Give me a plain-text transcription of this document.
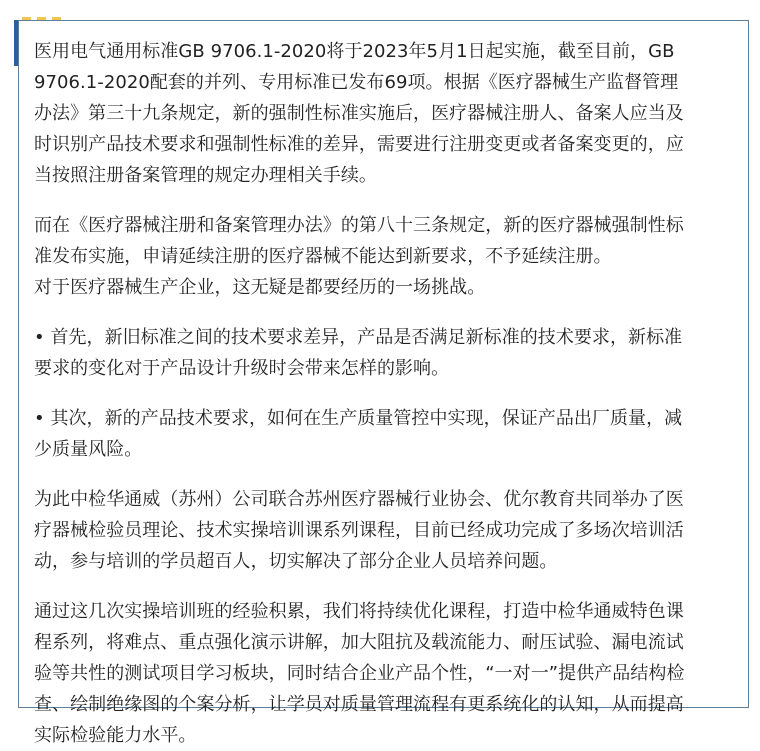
医用电气通用标准GB 9706.1-2020将于2023年5月1日起实施，截至目前，GB
9706.1-2020配套的并列、专用标准已发布69项。根据《医疗器械生产监督管理
办法》第三十九条规定，新的强制性标准实施后，医疗器械注册人、备案人应当及
时识别产品技术要求和强制性标准的差异，需要进行注册变更或者备案变更的，应
当按照注册备案管理的规定办理相关手续。

而在《医疗器械注册和备案管理办法》的第八十三条规定，新的医疗器械强制性标
准发布实施，申请延续注册的医疗器械不能达到新要求，不予延续注册。
对于医疗器械生产企业，这无疑是都要经历的一场挑战。

• 首先，新旧标准之间的技术要求差异，产品是否满足新标准的技术要求，新标准
要求的变化对于产品设计升级时会带来怎样的影响。

• 其次，新的产品技术要求，如何在生产质量管控中实现，保证产品出厂质量，减
少质量风险。

为此中检华通威（苏州）公司联合苏州医疗器械行业协会、优尔教育共同举办了医
疗器械检验员理论、技术实操培训课系列课程，目前已经成功完成了多场次培训活
动，参与培训的学员超百人，切实解决了部分企业人员培养问题。

通过这几次实操培训班的经验积累，我们将持续优化课程，打造中检华通威特色课
程系列，将难点、重点强化演示讲解，加大阻抗及载流能力、耐压试验、漏电流试
验等共性的测试项目学习板块，同时结合企业产品个性，“一对一”提供产品结构检
查、绘制绝缘图的个案分析，让学员对质量管理流程有更系统化的认知，从而提高
实际检验能力水平。
